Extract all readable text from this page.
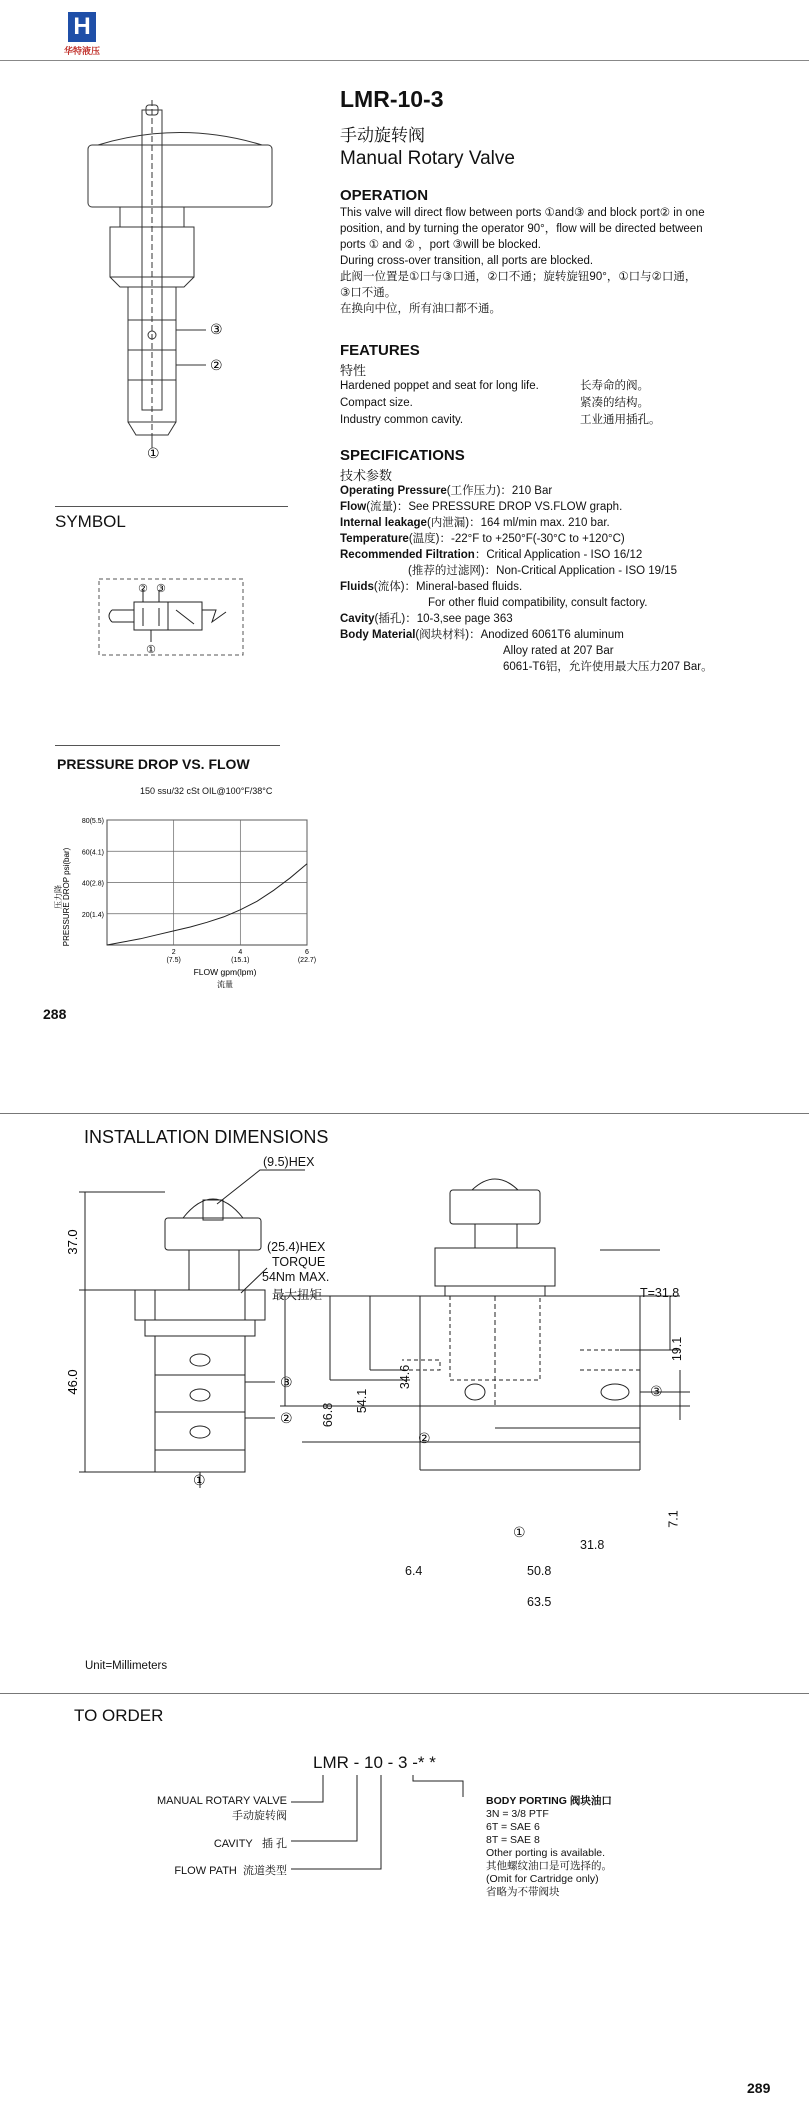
H
华特液压
③
②
①
LMR-10-3
手动旋转阀
Manual Rotary Valve
OPERATION
This valve will direct flow between ports ①and③ and block port② in one
position, and by turning the operator 90°，flow will be directed between
ports ① and ② ，port ③will be blocked.
During cross-over transition, all ports are blocked.
此阀一位置是①口与③口通，②口不通；旋转旋钮90°，①口与②口通，
③口不通。
在换向中位，所有油口都不通。
FEATURES
特性
Hardened poppet and seat for long life.	长寿命的阀。
Compact size.	紧凑的结构。
Industry common cavity.	工业通用插孔。
SPECIFICATIONS
技术参数
Operating Pressure(工作压力)：210 Bar
Flow(流量)：See PRESSURE DROP VS.FLOW graph.
Internal leakage(内泄漏)：164 ml/min max. 210 bar.
Temperature(温度)：-22°F to +250°F(-30°C to +120°C)
Recommended Filtration：Critical Application - ISO 16/12
(推荐的过滤网)：Non-Critical Application - ISO 19/15
Fluids(流体)：Mineral-based fluids.
For other fluid compatibility, consult factory.
Cavity(插孔)：10-3,see page 363
Body Material(阀块材料)：Anodized 6061T6 aluminum
Alloy rated at 207 Bar
6061-T6铝，允许使用最大压力207 Bar。
SYMBOL
② ③
①
PRESSURE DROP VS. FLOW
150 ssu/32 cSt OIL@100°F/38°C
20(1.4)
40(2.8)
60(4.1)
80(5.5)
2
(7.5)
4
(15.1)
6
(22.7)
压力降 PRESSURE DROP psi(bar)
FLOW gpm(lpm)
流量
288
INSTALLATION DIMENSIONS
37.0
46.0	③
②
①
(9.5)HEX
(25.4)HEX
TORQUE
54Nm MAX.
最大扭矩	T=31.8
19.1
34.6
54.1
66.8
③
②
①
7.1
31.8
6.4	50.8
63.5
Unit=Millimeters
TO ORDER
LMR - 10 - 3 -* *
MANUAL ROTARY VALVE
手动旋转阀
CAVITY 插 孔
FLOW PATH 流道类型
BODY PORTING 阀块油口
3N = 3/8 PTF
6T = SAE 6
8T = SAE 8
Other porting is available.
其他螺纹油口是可选择的。
(Omit for Cartridge only)
省略为不带阀块
289
